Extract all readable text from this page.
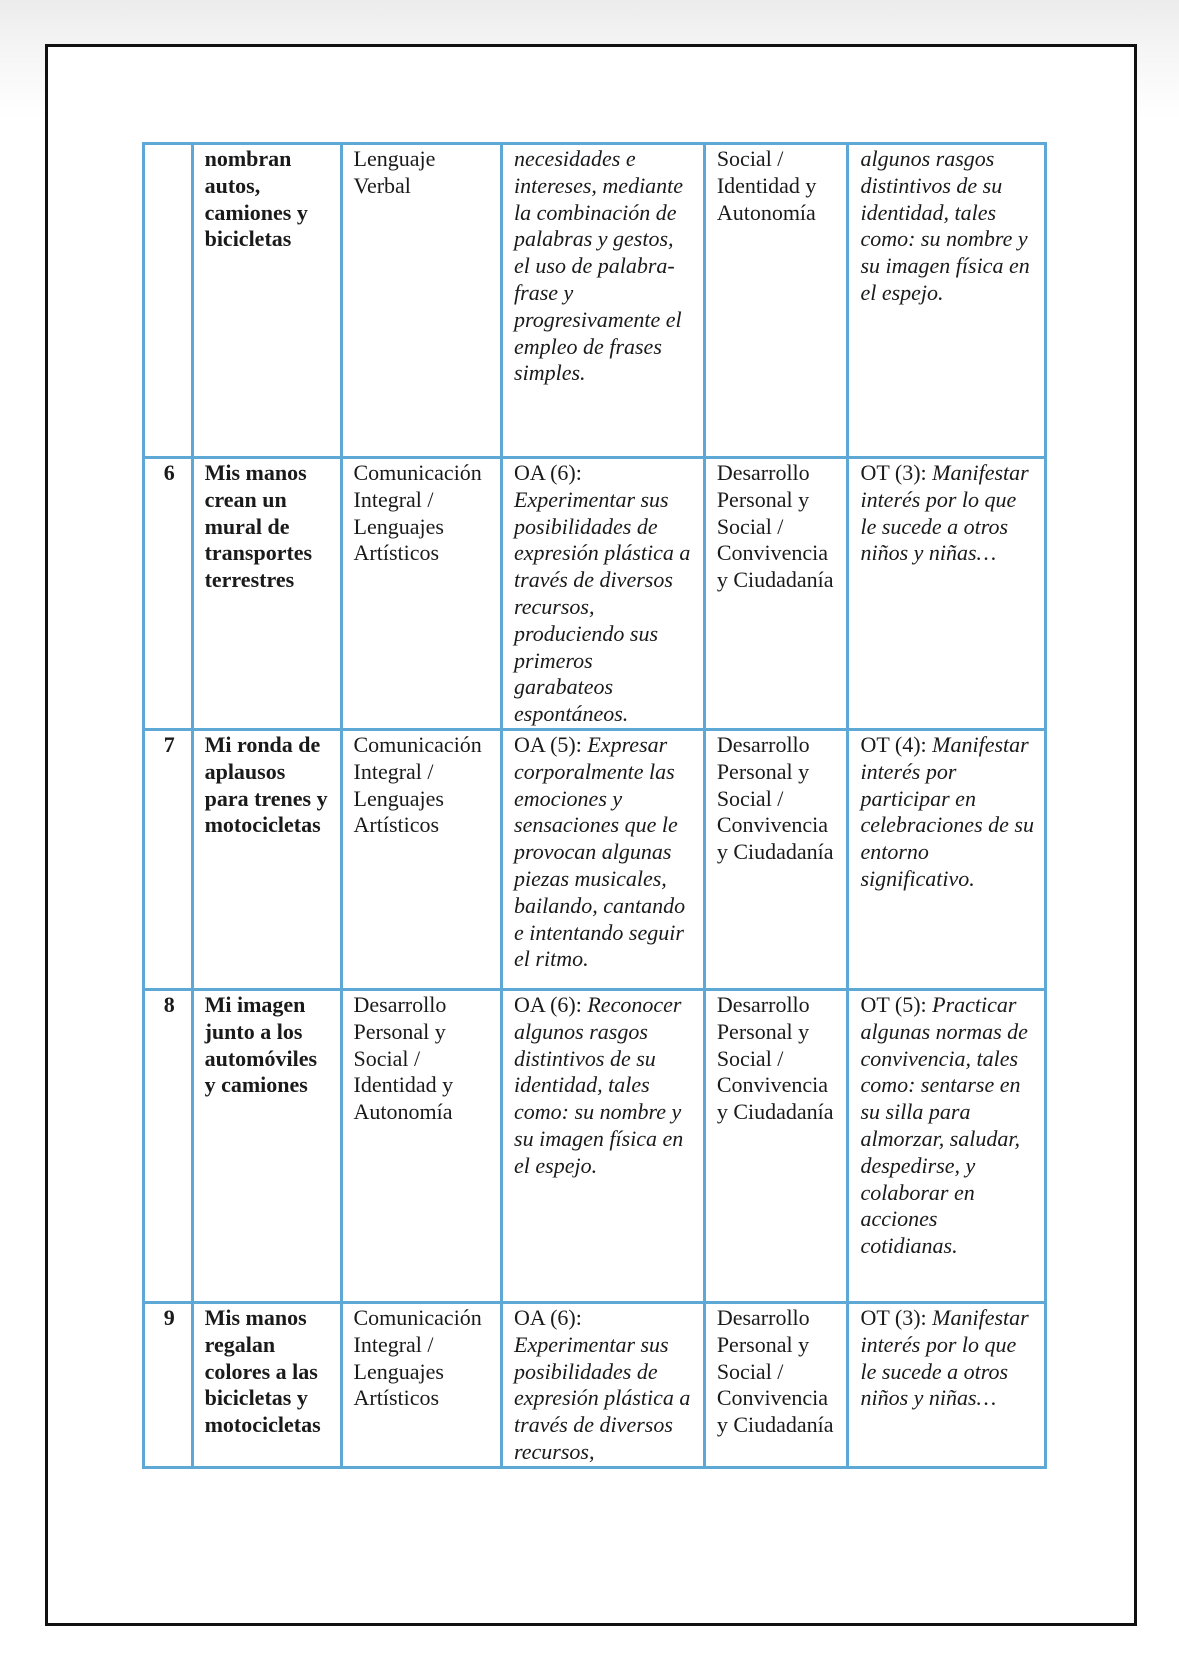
	nombran autos, camiones y bicicletas	Lenguaje Verbal	necesidades e intereses, mediante la combinación de palabras y gestos, el uso de palabra-frase y progresivamente el empleo de frases simples.	Social / Identidad y Autonomía	algunos rasgos distintivos de su identidad, tales como: su nombre y su imagen física en el espejo.
6	Mis manos crean un mural de transportes terrestres	Comunicación Integral / Lenguajes Artísticos	OA (6): Experimentar sus posibilidades de expresión plástica a través de diversos recursos, produciendo sus primeros garabateos espontáneos.	Desarrollo Personal y Social / Convivencia y Ciudadanía	OT (3): Manifestar interés por lo que le sucede a otros niños y niñas…
7	Mi ronda de aplausos para trenes y motocicletas	Comunicación Integral / Lenguajes Artísticos	OA (5): Expresar corporalmente las emociones y sensaciones que le provocan algunas piezas musicales, bailando, cantando e intentando seguir el ritmo.	Desarrollo Personal y Social / Convivencia y Ciudadanía	OT (4): Manifestar interés por participar en celebraciones de su entorno significativo.
8	Mi imagen junto a los automóviles y camiones	Desarrollo Personal y Social / Identidad y Autonomía	OA (6): Reconocer algunos rasgos distintivos de su identidad, tales como: su nombre y su imagen física en el espejo.	Desarrollo Personal y Social / Convivencia y Ciudadanía	OT (5): Practicar algunas normas de convivencia, tales como: sentarse en su silla para almorzar, saludar, despedirse, y colaborar en acciones cotidianas.
9	Mis manos regalan colores a las bicicletas y motocicletas	Comunicación Integral / Lenguajes Artísticos	OA (6): Experimentar sus posibilidades de expresión plástica a través de diversos recursos,	Desarrollo Personal y Social / Convivencia y Ciudadanía	OT (3): Manifestar interés por lo que le sucede a otros niños y niñas…
